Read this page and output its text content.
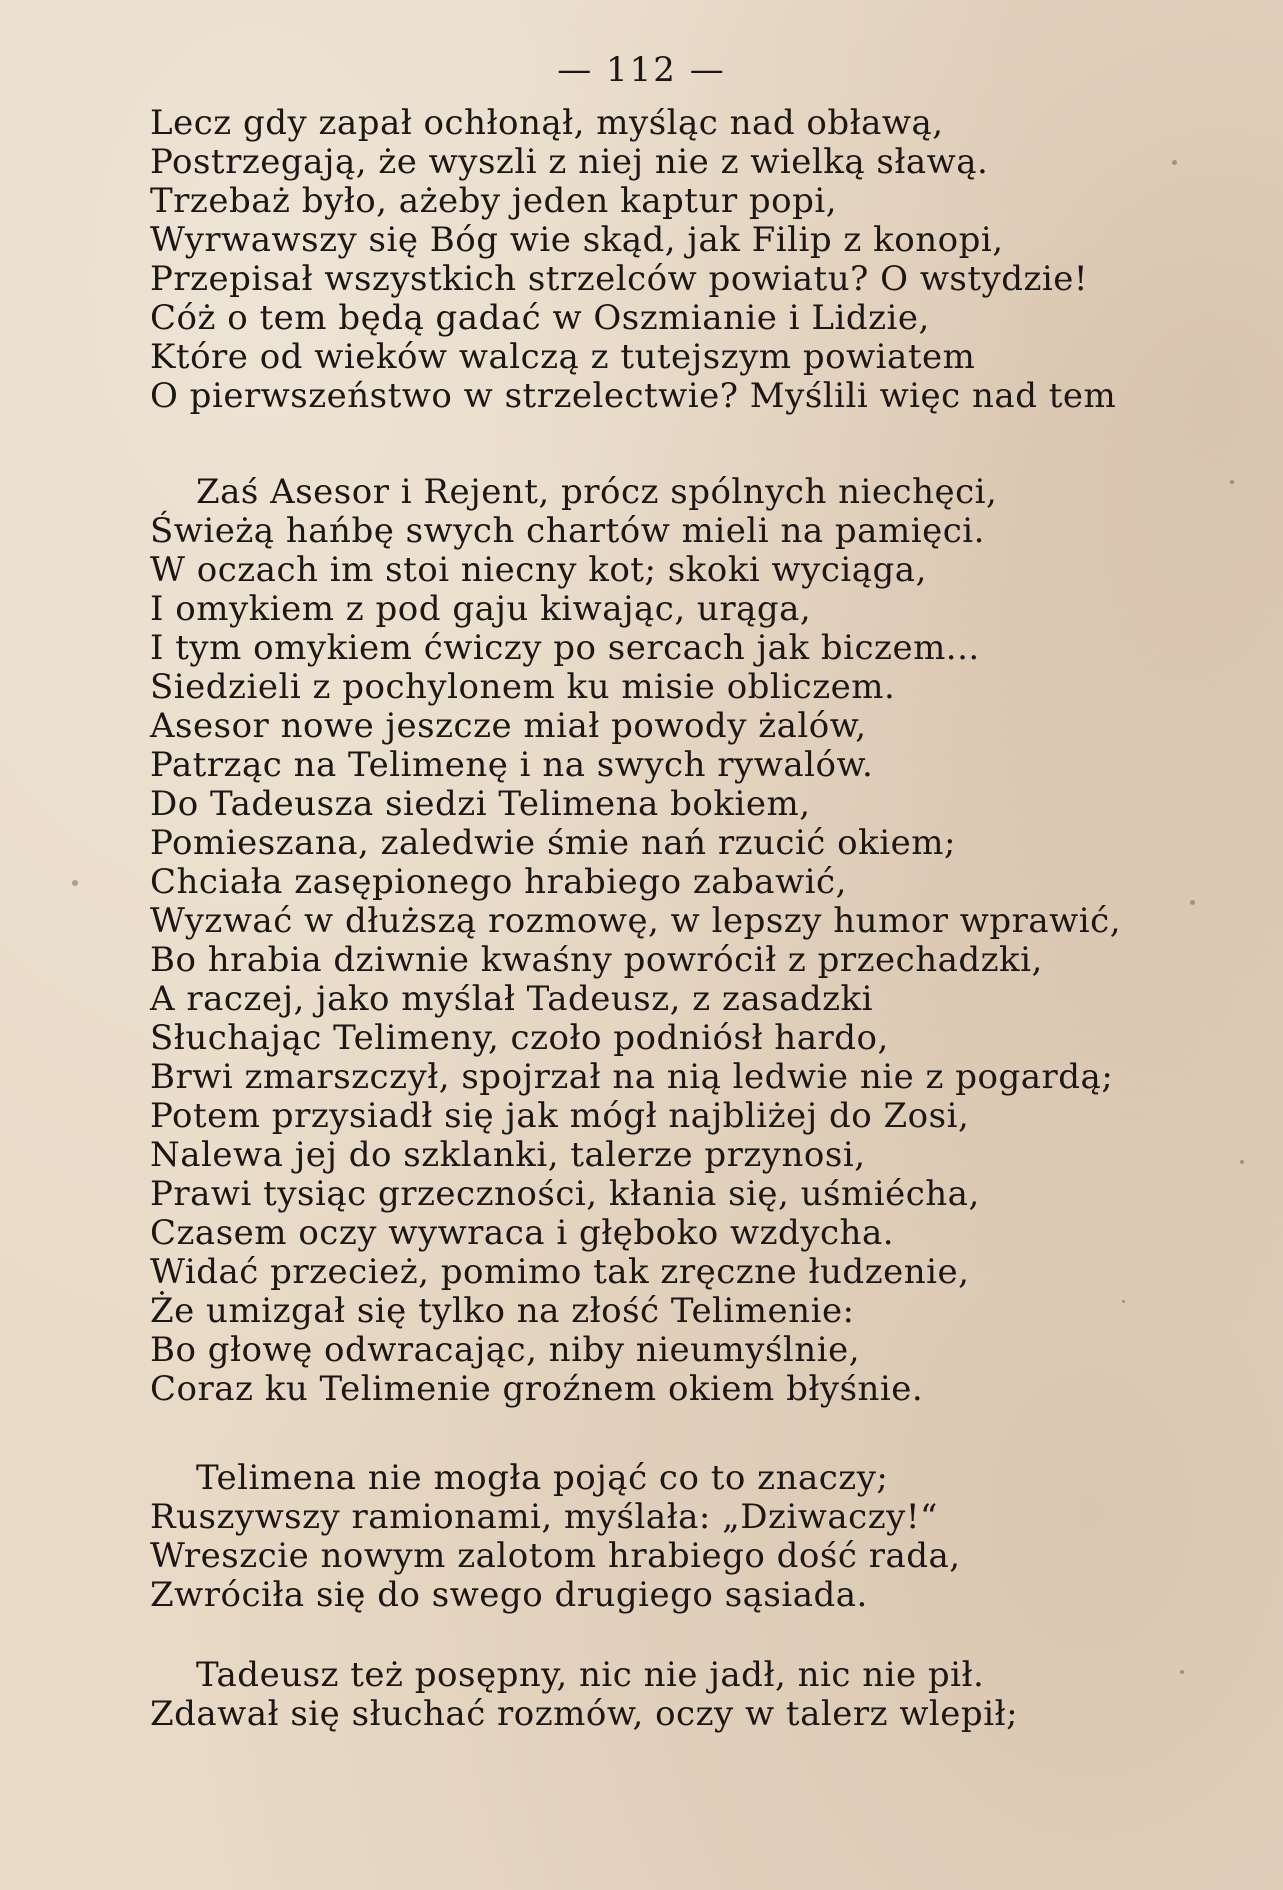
— 112 —
Lecz gdy zapał ochłonął, myśląc nad obławą,
Postrzegają, że wyszli z niej nie z wielką sławą.
Trzebaż było, ażeby jeden kaptur popi,
Wyrwawszy się Bóg wie skąd, jak Filip z konopi,
Przepisał wszystkich strzelców powiatu? O wstydzie!
Cóż o tem będą gadać w Oszmianie i Lidzie,
Które od wieków walczą z tutejszym powiatem
O pierwszeństwo w strzelectwie? Myślili więc nad tem
Zaś Asesor i Rejent, prócz spólnych niechęci,
Świeżą hańbę swych chartów mieli na pamięci.
W oczach im stoi niecny kot; skoki wyciąga,
I omykiem z pod gaju kiwając, urąga,
I tym omykiem ćwiczy po sercach jak biczem...
Siedzieli z pochylonem ku misie obliczem.
Asesor nowe jeszcze miał powody żalów,
Patrząc na Telimenę i na swych rywalów.
Do Tadeusza siedzi Telimena bokiem,
Pomieszana, zaledwie śmie nań rzucić okiem;
Chciała zasępionego hrabiego zabawić,
Wyzwać w dłuższą rozmowę, w lepszy humor wprawić,
Bo hrabia dziwnie kwaśny powrócił z przechadzki,
A raczej, jako myślał Tadeusz, z zasadzki
Słuchając Telimeny, czoło podniósł hardo,
Brwi zmarszczył, spojrzał na nią ledwie nie z pogardą;
Potem przysiadł się jak mógł najbliżej do Zosi,
Nalewa jej do szklanki, talerze przynosi,
Prawi tysiąc grzeczności, kłania się, uśmiécha,
Czasem oczy wywraca i głęboko wzdycha.
Widać przecież, pomimo tak zręczne łudzenie,
Że umizgał się tylko na złość Telimenie:
Bo głowę odwracając, niby nieumyślnie,
Coraz ku Telimenie groźnem okiem błyśnie.
Telimena nie mogła pojąć co to znaczy;
Ruszywszy ramionami, myślała: „Dziwaczy!“
Wreszcie nowym zalotom hrabiego dość rada,
Zwróciła się do swego drugiego sąsiada.
Tadeusz też posępny, nic nie jadł, nic nie pił.
Zdawał się słuchać rozmów, oczy w talerz wlepił;
